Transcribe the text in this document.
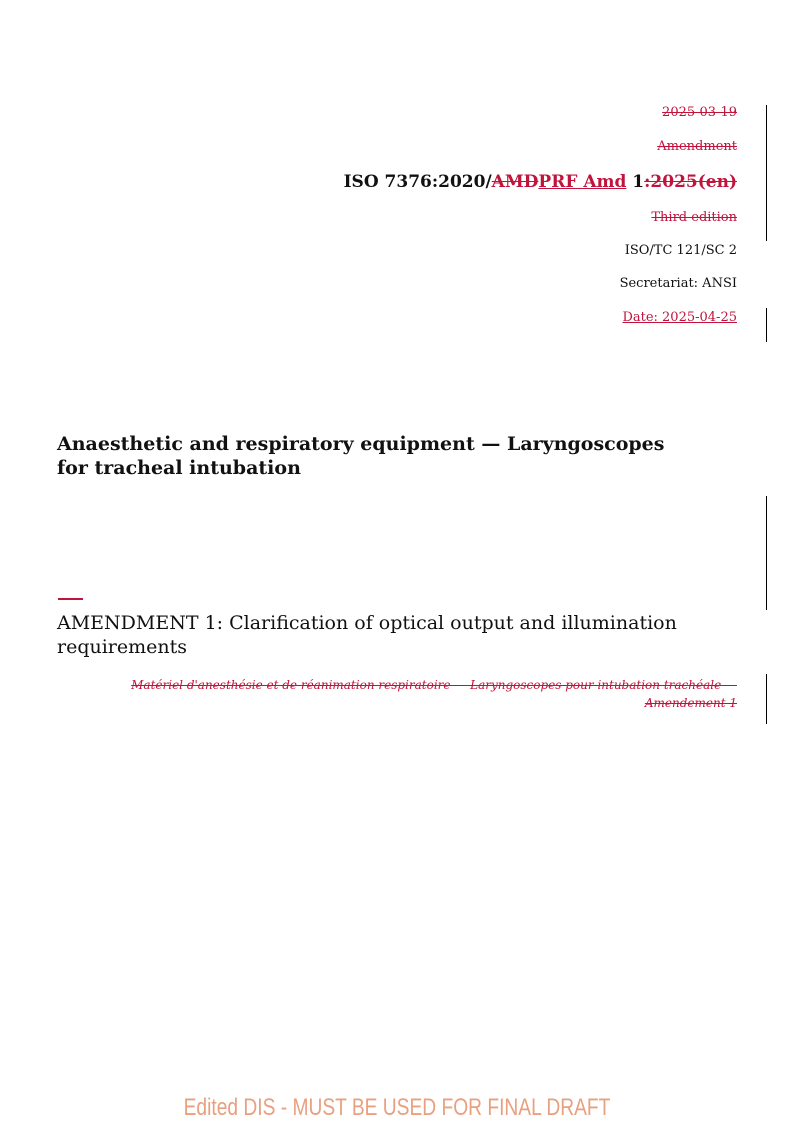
2025-03-19
Amendment
ISO 7376:2020/AMDPRF Amd 1:2025(en)
Third edition
ISO/TC 121/SC 2
Secretariat: ANSI
Date: 2025-04-25
Anaesthetic and respiratory equipment — Laryngoscopes for tracheal intubation
AMENDMENT 1: Clarification of optical output and illumination requirements
Matériel d'anesthésie et de réanimation respiratoire — Laryngoscopes pour intubation trachéale — Amendement 1
Edited DIS - MUST BE USED FOR FINAL DRAFT
